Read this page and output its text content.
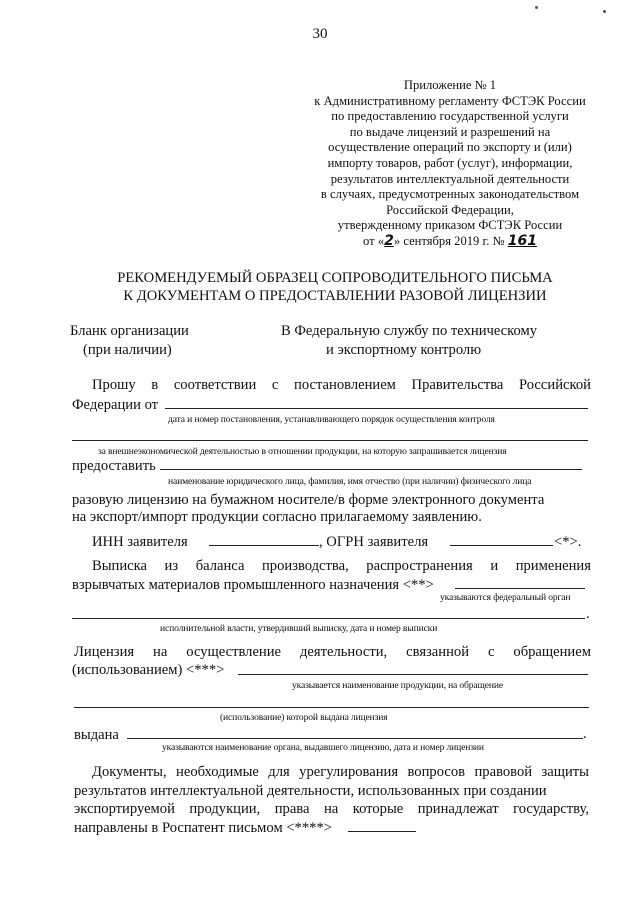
30
Приложение № 1
к Административному регламенту ФСТЭК России
по предоставлению государственной услуги
по выдаче лицензий и разрешений на
осуществление операций по экспорту и (или)
импорту товаров, работ (услуг), информации,
результатов интеллектуальной деятельности
в случаях, предусмотренных законодательством
Российской Федерации,
утвержденному приказом ФСТЭК России
от «2» сентября 2019 г. № 161
РЕКОМЕНДУЕМЫЙ ОБРАЗЕЦ СОПРОВОДИТЕЛЬНОГО ПИСЬМА
К ДОКУМЕНТАМ О ПРЕДОСТАВЛЕНИИ РАЗОВОЙ ЛИЦЕНЗИИ
Бланк организации
(при наличии)
В Федеральную службу по техническому
и экспортному контролю
Прошу в соответствии с постановлением Правительства Российской
Федерации от
дата и номер постановления, устанавливающего порядок осуществления контроля
за внешнеэкономической деятельностью в отношении продукции, на которую запрашивается лицензия
предоставить
наименование юридического лица, фамилия, имя отчество (при наличии) физического лица
разовую лицензию на бумажном носителе/в форме электронного документа
на экспорт/импорт продукции согласно прилагаемому заявлению.
ИНН заявителя	, ОГРН заявителя	<*>.
Выписка из баланса производства, распространения и применения
взрывчатых материалов промышленного назначения <**>
указываются федеральный орган
.
исполнительной власти, утвердивший выписку, дата и номер выписки
Лицензия на осуществление деятельности, связанной с обращением
(использованием) <***>
указывается наименование продукции, на обращение
(использование) которой выдана лицензия
выдана	.
указываются наименование органа, выдавшего лицензию, дата и номер лицензии
Документы, необходимые для урегулирования вопросов правовой защиты
результатов интеллектуальной деятельности, использованных при создании
экспортируемой продукции, права на которые принадлежат государству,
направлены в Роспатент письмом <****>
